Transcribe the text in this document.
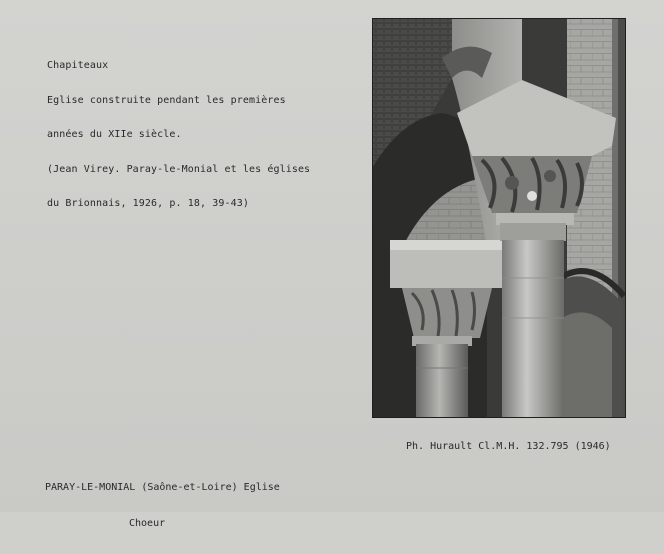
Chapiteaux

Eglise construite pendant les premières

années du XIIe siècle.

(Jean Virey. Paray-le-Monial et les églises

du Brionnais, 1926, p. 18, 39-43)

Ph. Hurault Cl.M.H. 132.795 (1946)

PARAY-LE-MONIAL (Saône-et-Loire) Eglise

Choeur
